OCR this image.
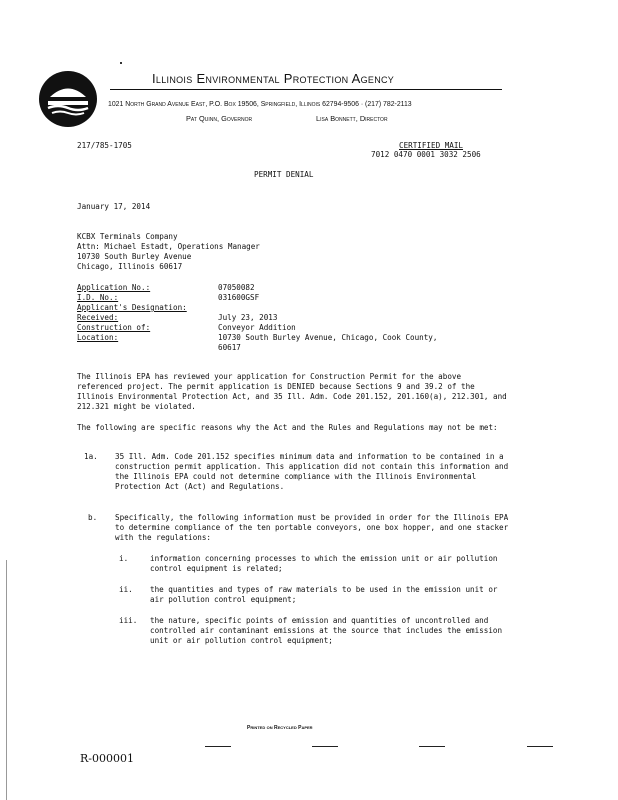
Illinois Environmental Protection Agency
1021 North Grand Avenue East, P.O. Box 19506, Springfield, Illinois 62794-9506 · (217) 782-2113
Pat Quinn, Governor	Lisa Bonnett, Director
217/785-1705	CERTIFIED MAIL
7012 0470 0001 3032 2506
PERMIT DENIAL
January 17, 2014
KCBX Terminals Company
Attn: Michael Estadt, Operations Manager
10730 South Burley Avenue
Chicago, Illinois 60617
Application No.:	07050082
I.D. No.:	031600GSF
Applicant's Designation:
Received:	July 23, 2013
Construction of:	Conveyor Addition
Location:	10730 South Burley Avenue, Chicago, Cook County,
60617
The Illinois EPA has reviewed your application for Construction Permit for the above referenced project. The permit application is DENIED because Sections 9 and 39.2 of the Illinois Environmental Protection Act, and 35 Ill. Adm. Code 201.152, 201.160(a), 212.301, and 212.321 might be violated.
The following are specific reasons why the Act and the Rules and Regulations may not be met:
1a. 35 Ill. Adm. Code 201.152 specifies minimum data and information to be contained in a construction permit application. This application did not contain this information and the Illinois EPA could not determine compliance with the Illinois Environmental Protection Act (Act) and Regulations.
b. Specifically, the following information must be provided in order for the Illinois EPA to determine compliance of the ten portable conveyors, one box hopper, and one stacker with the regulations:
i.	information concerning processes to which the emission unit or air pollution control equipment is related;
ii. the quantities and types of raw materials to be used in the emission unit or air pollution control equipment;
iii. the nature, specific points of emission and quantities of uncontrolled and controlled air contaminant emissions at the source that includes the emission unit or air pollution control equipment;
Printed on Recycled Paper
R-000001
